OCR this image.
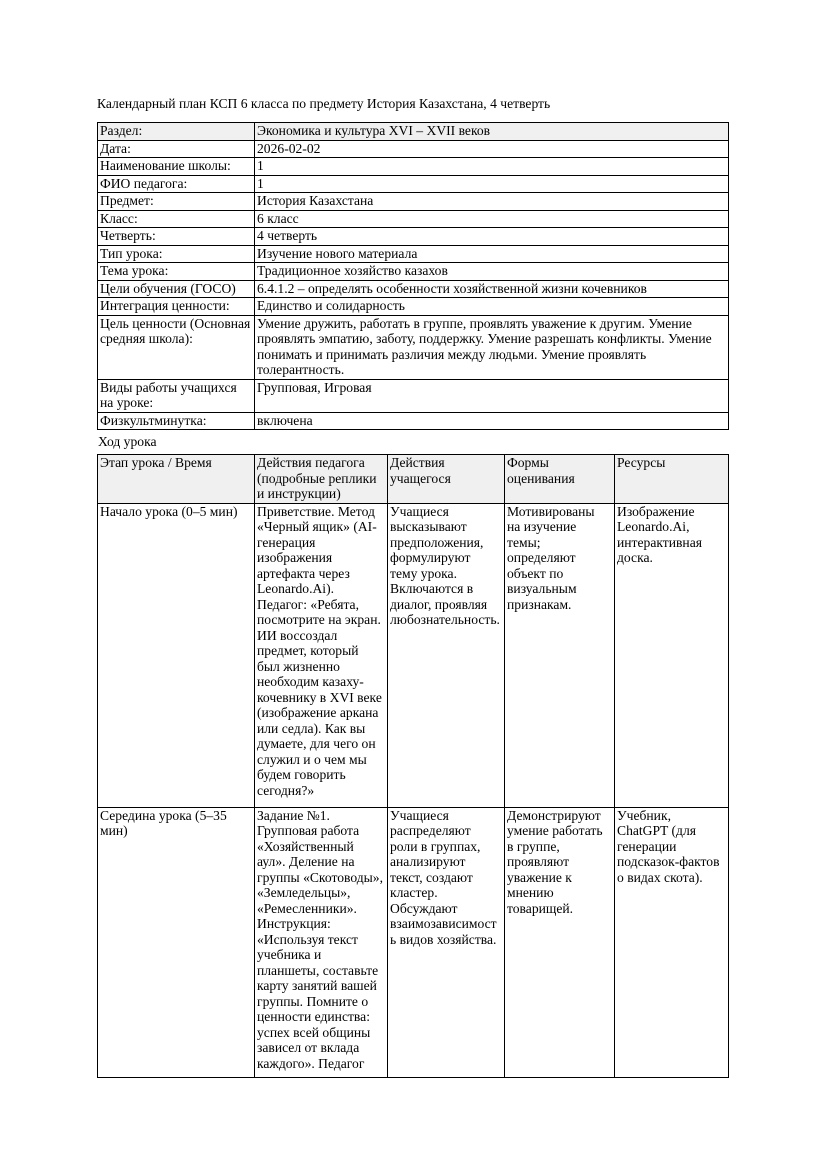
Календарный план КСП 6 класса по предмету История Казахстана, 4 четверть

Раздел:	Экономика и культура XVI – XVII веков
Дата:	2026-02-02
Наименование школы:	1
ФИО педагога:	1
Предмет:	История Казахстана
Класс:	6 класс
Четверть:	4 четверть
Тип урока:	Изучение нового материала
Тема урока:	Традиционное хозяйство казахов
Цели обучения (ГОСО)	6.4.1.2 – определять особенности хозяйственной жизни кочевников
Интеграция ценности:	Единство и солидарность
Цель ценности (Основная средняя школа):	Умение дружить, работать в группе, проявлять уважение к другим. Умение проявлять эмпатию, заботу, поддержку. Умение разрешать конфликты. Умение понимать и принимать различия между людьми. Умение проявлять толерантность.
Виды работы учащихся на уроке:	Групповая, Игровая
Физкультминутка:	включена

Ход урока

Этап урока / Время	Действия педагога (подробные реплики и инструкции)	Действия учащегося	Формы оценивания	Ресурсы
Начало урока (0–5 мин)	Приветствие. Метод «Черный ящик» (AI-генерация изображения артефакта через Leonardo.Ai). Педагог: «Ребята, посмотрите на экран. ИИ воссоздал предмет, который был жизненно необходим казаху-кочевнику в XVI веке (изображение аркана или седла). Как вы думаете, для чего он служил и о чем мы будем говорить сегодня?»	Учащиеся высказывают предположения, формулируют тему урока. Включаются в диалог, проявляя любознательность.	Мотивированы на изучение темы; определяют объект по визуальным признакам.	Изображение Leonardo.Ai, интерактивная доска.
Середина урока (5–35 мин)	Задание №1. Групповая работа «Хозяйственный аул». Деление на группы «Скотоводы», «Земледельцы», «Ремесленники». Инструкция: «Используя текст учебника и планшеты, составьте карту занятий вашей группы. Помните о ценности единства: успех всей общины зависел от вклада каждого». Педагог	Учащиеся распределяют роли в группах, анализируют текст, создают кластер. Обсуждают взаимозависимость видов хозяйства.	Демонстрируют умение работать в группе, проявляют уважение к мнению товарищей.	Учебник, ChatGPT (для генерации подсказок-фактов о видах скота).
